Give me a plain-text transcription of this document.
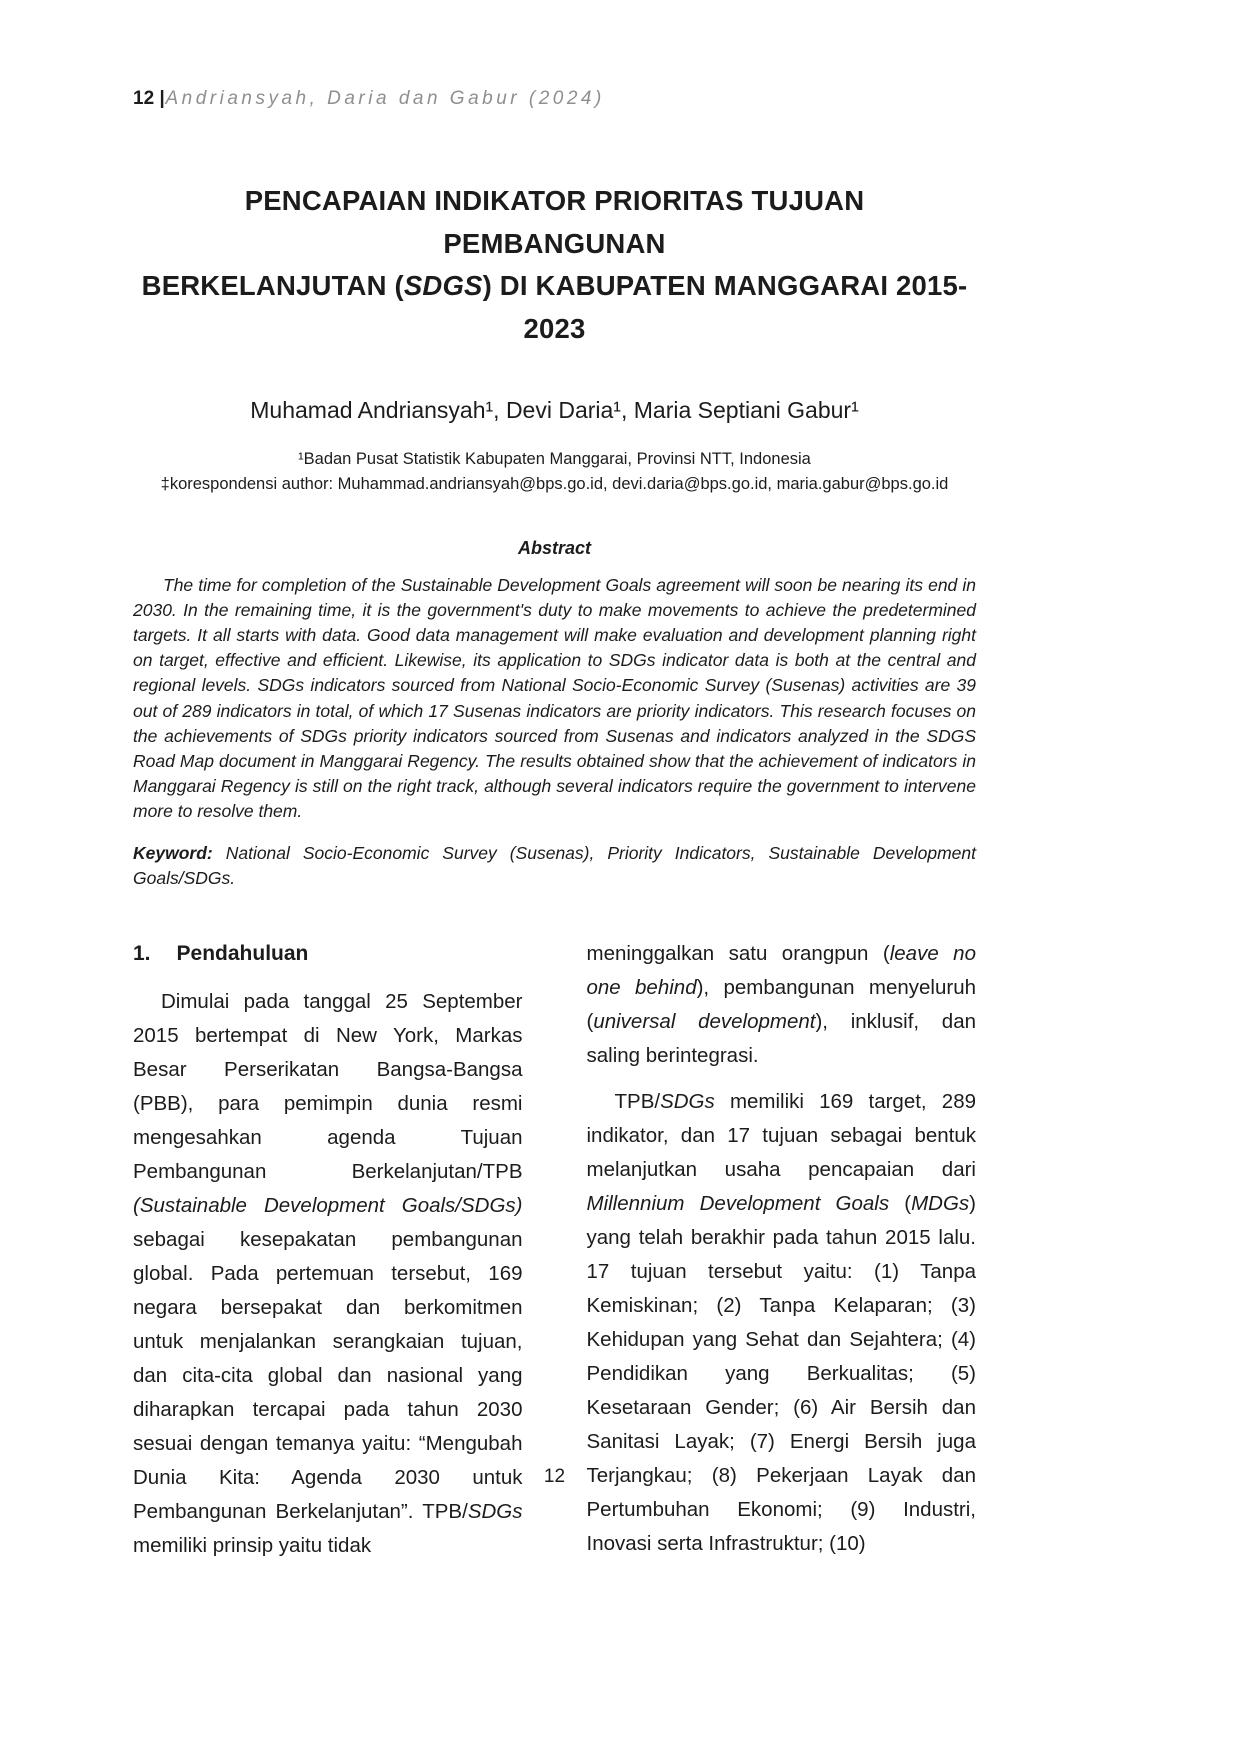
12 |Andriansyah, Daria dan Gabur (2024)
PENCAPAIAN INDIKATOR PRIORITAS TUJUAN PEMBANGUNAN
BERKELANJUTAN (SDGS) DI KABUPATEN MANGGARAI 2015-2023
Muhamad Andriansyah¹, Devi Daria¹, Maria Septiani Gabur¹
¹Badan Pusat Statistik Kabupaten Manggarai, Provinsi NTT, Indonesia
‡korespondensi author: Muhammad.andriansyah@bps.go.id, devi.daria@bps.go.id, maria.gabur@bps.go.id
Abstract

The time for completion of the Sustainable Development Goals agreement will soon be nearing its end in 2030. In the remaining time, it is the government's duty to make movements to achieve the predetermined targets. It all starts with data. Good data management will make evaluation and development planning right on target, effective and efficient. Likewise, its application to SDGs indicator data is both at the central and regional levels. SDGs indicators sourced from National Socio-Economic Survey (Susenas) activities are 39 out of 289 indicators in total, of which 17 Susenas indicators are priority indicators. This research focuses on the achievements of SDGs priority indicators sourced from Susenas and indicators analyzed in the SDGS Road Map document in Manggarai Regency. The results obtained show that the achievement of indicators in Manggarai Regency is still on the right track, although several indicators require the government to intervene more to resolve them.

Keyword: National Socio-Economic Survey (Susenas), Priority Indicators, Sustainable Development Goals/SDGs.

1. Pendahuluan

Dimulai pada tanggal 25 September 2015 bertempat di New York, Markas Besar Perserikatan Bangsa-Bangsa (PBB), para pemimpin dunia resmi mengesahkan agenda Tujuan Pembangunan Berkelanjutan/TPB (Sustainable Development Goals/SDGs) sebagai kesepakatan pembangunan global. Pada pertemuan tersebut, 169 negara bersepakat dan berkomitmen untuk menjalankan serangkaian tujuan, dan cita-cita global dan nasional yang diharapkan tercapai pada tahun 2030 sesuai dengan temanya yaitu: “Mengubah Dunia Kita: Agenda 2030 untuk Pembangunan Berkelanjutan”. TPB/SDGs memiliki prinsip yaitu tidak

meninggalkan satu orangpun (leave no one behind), pembangunan menyeluruh (universal development), inklusif, dan saling berintegrasi.

TPB/SDGs memiliki 169 target, 289 indikator, dan 17 tujuan sebagai bentuk melanjutkan usaha pencapaian dari Millennium Development Goals (MDGs) yang telah berakhir pada tahun 2015 lalu. 17 tujuan tersebut yaitu: (1) Tanpa Kemiskinan; (2) Tanpa Kelaparan; (3) Kehidupan yang Sehat dan Sejahtera; (4) Pendidikan yang Berkualitas; (5) Kesetaraan Gender; (6) Air Bersih dan Sanitasi Layak; (7) Energi Bersih juga Terjangkau; (8) Pekerjaan Layak dan Pertumbuhan Ekonomi; (9) Industri, Inovasi serta Infrastruktur; (10)

12
